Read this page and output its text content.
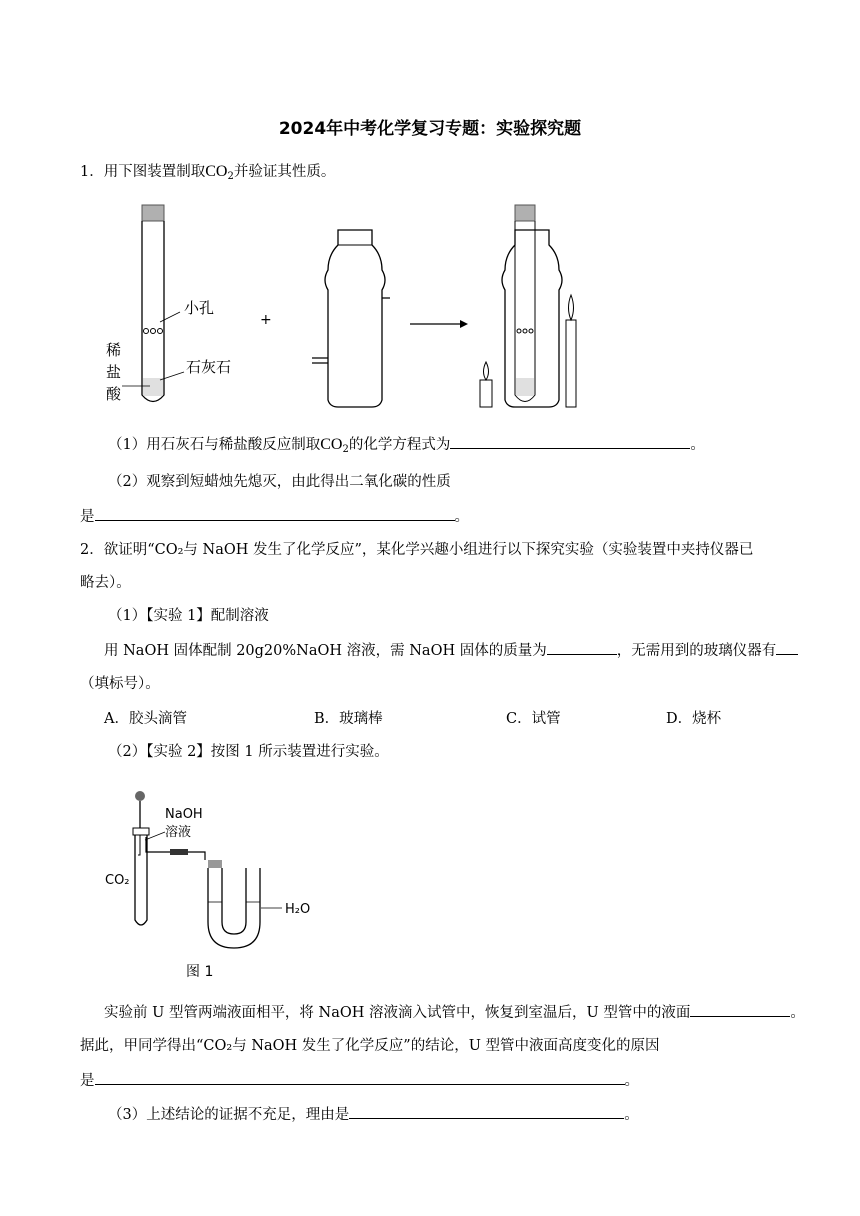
2024年中考化学复习专题：实验探究题
1．用下图装置制取$CO_2$并验证其性质。
小孔
石灰石
稀
盐
酸
+
（1）用石灰石与稀盐酸反应制取$CO_2$的化学方程式为	。
（2）观察到短蜡烛先熄灭，由此得出二氧化碳的性质
是	。
2．欲证明“CO₂与 NaOH 发生了化学反应”，某化学兴趣小组进行以下探究实验（实验装置中夹持仪器已
略去）。
（1）【实验 1】配制溶液
用 NaOH 固体配制 20g20%NaOH 溶液，需 NaOH 固体的质量为	，无需用到的玻璃仪器有
（填标号）。
A．胶头滴管	B．玻璃棒	C．试管	D．烧杯
（2）【实验 2】按图 1 所示装置进行实验。
NaOH
溶液
CO₂
H₂O
图 1
实验前 U 型管两端液面相平，将 NaOH 溶液滴入试管中，恢复到室温后，U 型管中的液面	。
据此，甲同学得出“CO₂与 NaOH 发生了化学反应”的结论，U 型管中液面高度变化的原因
是	。
（3）上述结论的证据不充足，理由是	。
